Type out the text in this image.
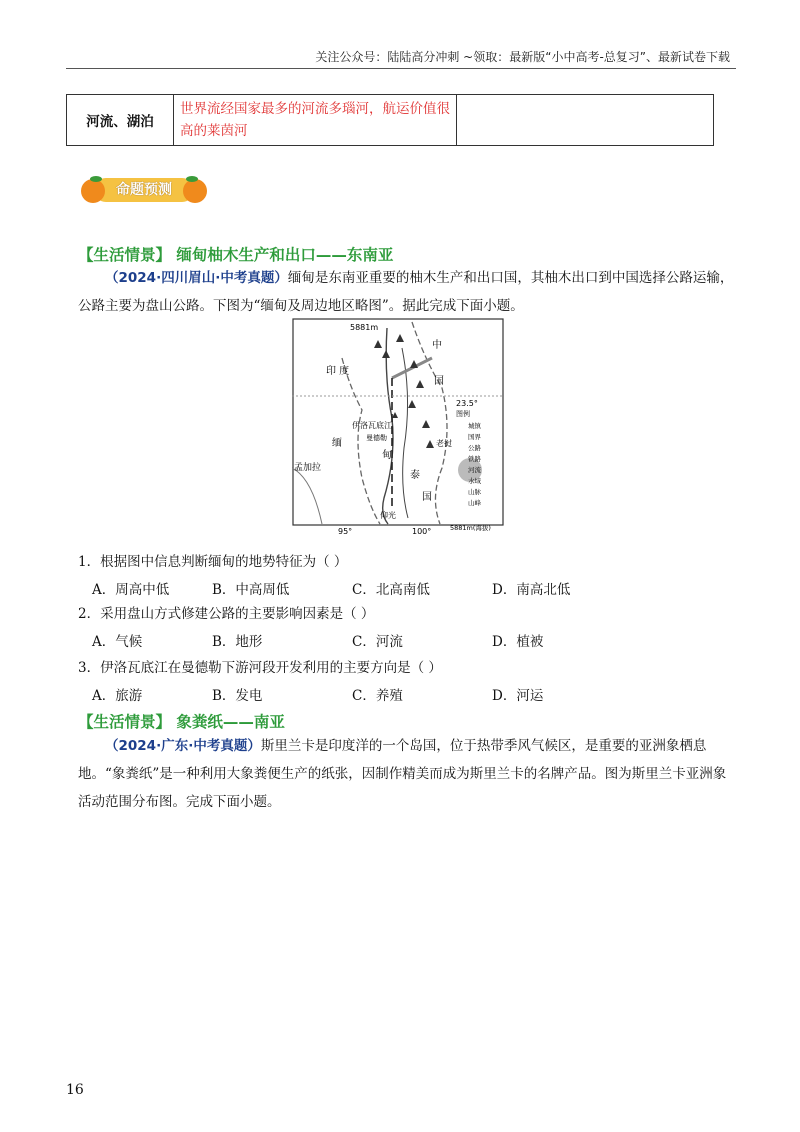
关注公众号：陆陆高分冲刺 ~领取：最新版“小中高考-总复习”、最新试卷下载
河流、湖泊	世界流经国家最多的河流多瑙河，航运价值很高的莱茵河	
命题预测
【生活情景】 缅甸柚木生产和出口——东南亚

（2024·四川眉山·中考真题）缅甸是东南亚重要的柚木生产和出口国，其柚木出口到中国选择公路运输，公路主要为盘山公路。下图为“缅甸及周边地区略图”。据此完成下面小题。

5881m
印 度
中
国
23.5°
缅
甸
泰
国
老挝
孟加拉
伊洛瓦底江
曼德勒
仰光
95°	100°
图例
城镇
国界
公路
铁路
河流
水域
山脉
山峰
5881m(海拔)
1．根据图中信息判断缅甸的地势特征为（ ）
A．周高中低	B．中高周低	C．北高南低	D．南高北低
2．采用盘山方式修建公路的主要影响因素是（ ）
A．气候	B．地形	C．河流	D．植被
3．伊洛瓦底江在曼德勒下游河段开发利用的主要方向是（ ）
A．旅游	B．发电	C．养殖	D．河运
【生活情景】 象粪纸——南亚

（2024·广东·中考真题）斯里兰卡是印度洋的一个岛国，位于热带季风气候区，是重要的亚洲象栖息地。“象粪纸”是一种利用大象粪便生产的纸张，因制作精美而成为斯里兰卡的名牌产品。图为斯里兰卡亚洲象活动范围分布图。完成下面小题。

16
